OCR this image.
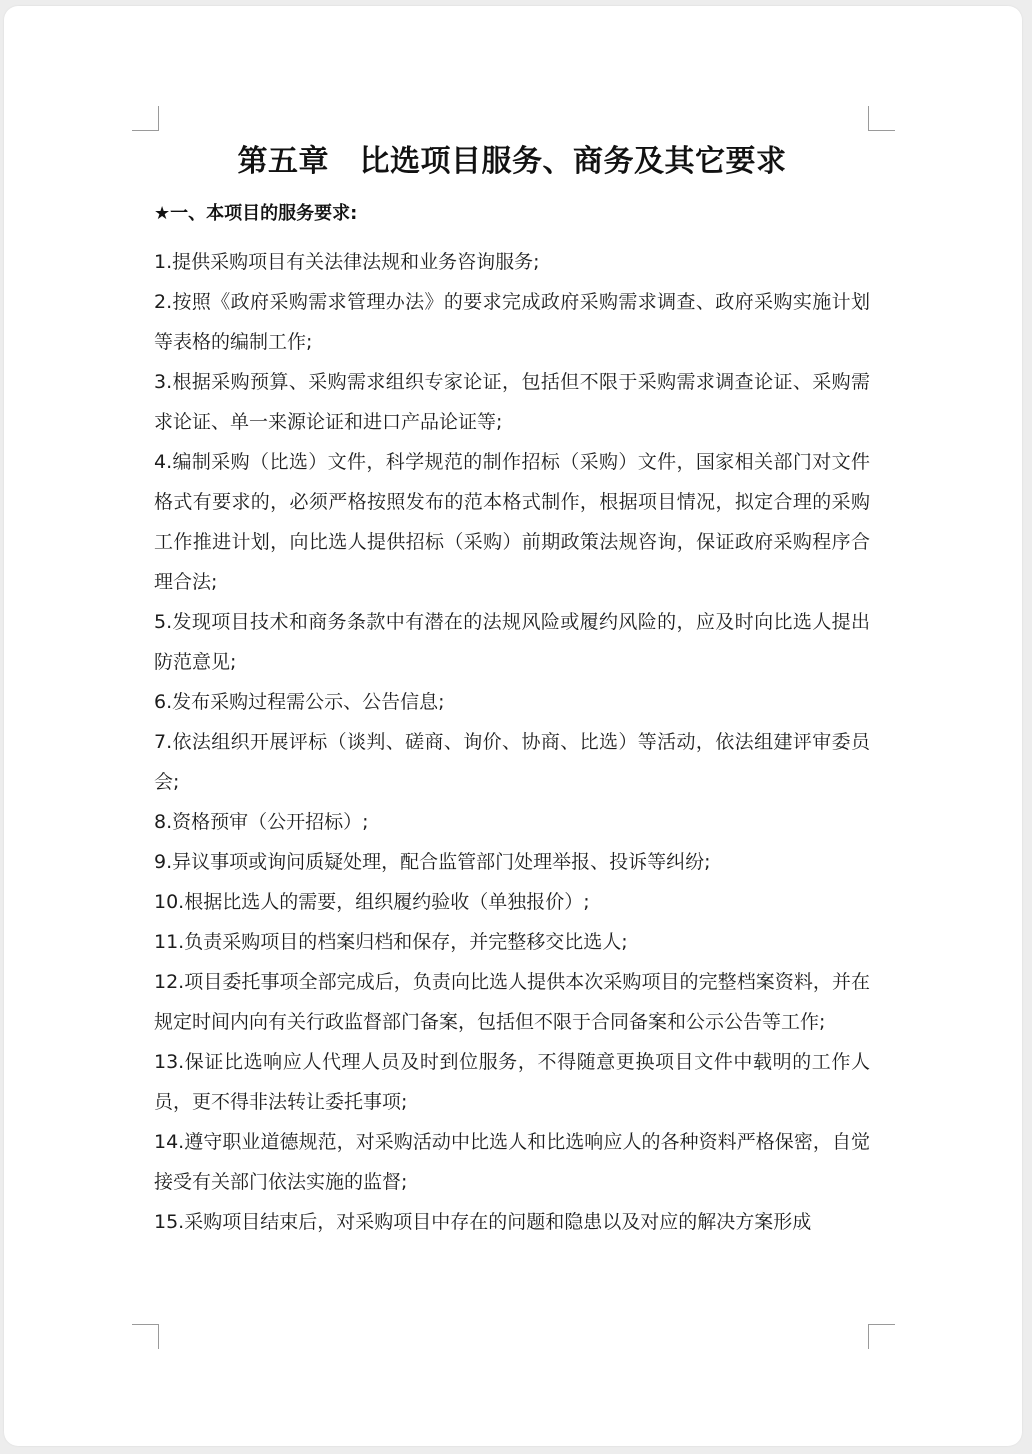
第五章　比选项目服务、商务及其它要求
★一、本项目的服务要求:
1.提供采购项目有关法律法规和业务咨询服务;
2.按照《政府采购需求管理办法》的要求完成政府采购需求调查、政府采购实施计划等表格的编制工作;
3.根据采购预算、采购需求组织专家论证，包括但不限于采购需求调查论证、采购需求论证、单一来源论证和进口产品论证等;
4.编制采购（比选）文件，科学规范的制作招标（采购）文件，国家相关部门对文件格式有要求的，必须严格按照发布的范本格式制作，根据项目情况，拟定合理的采购工作推进计划，向比选人提供招标（采购）前期政策法规咨询，保证政府采购程序合理合法;
5.发现项目技术和商务条款中有潜在的法规风险或履约风险的，应及时向比选人提出防范意见;
6.发布采购过程需公示、公告信息;
7.依法组织开展评标（谈判、磋商、询价、协商、比选）等活动，依法组建评审委员会;
8.资格预审（公开招标）;
9.异议事项或询问质疑处理，配合监管部门处理举报、投诉等纠纷;
10.根据比选人的需要，组织履约验收（单独报价）;
11.负责采购项目的档案归档和保存，并完整移交比选人;
12.项目委托事项全部完成后，负责向比选人提供本次采购项目的完整档案资料，并在规定时间内向有关行政监督部门备案，包括但不限于合同备案和公示公告等工作;
13.保证比选响应人代理人员及时到位服务，不得随意更换项目文件中载明的工作人员，更不得非法转让委托事项;
14.遵守职业道德规范，对采购活动中比选人和比选响应人的各种资料严格保密，自觉接受有关部门依法实施的监督;
15.采购项目结束后，对采购项目中存在的问题和隐患以及对应的解决方案形成
